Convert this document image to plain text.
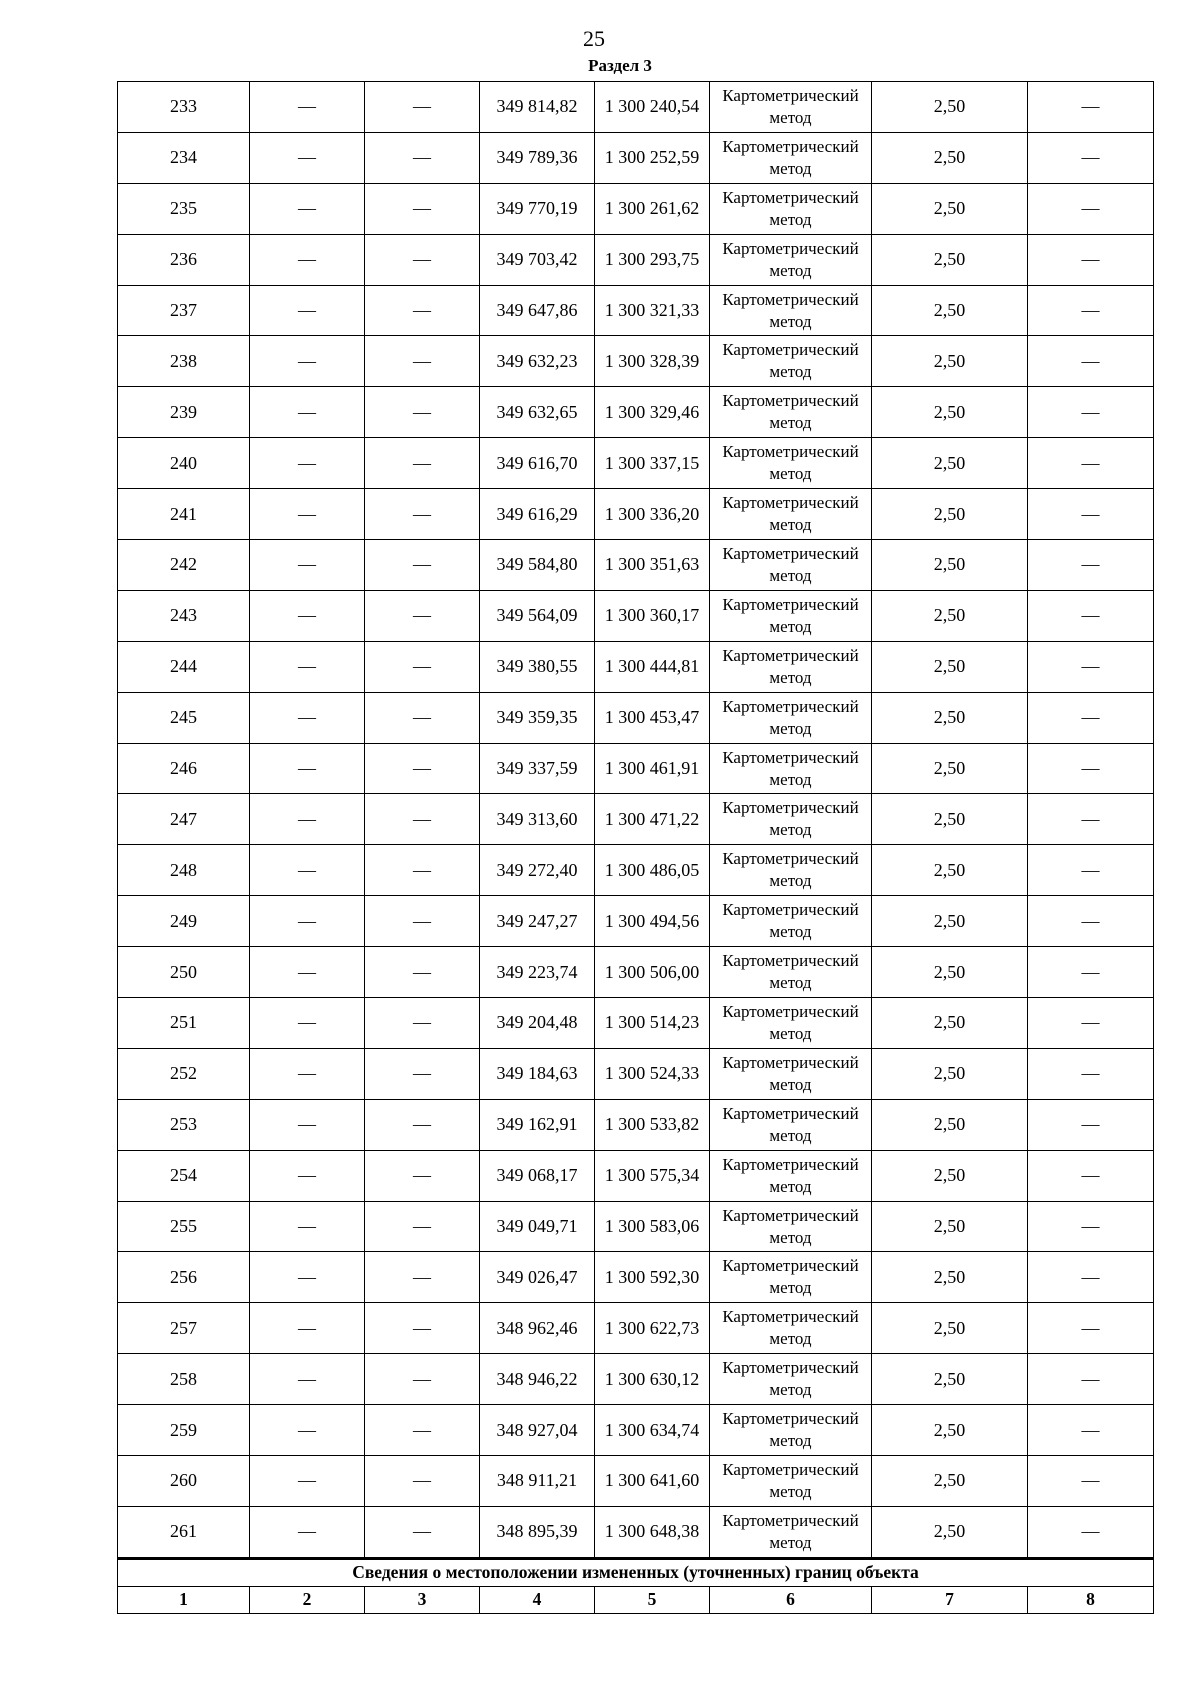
25
Раздел 3
233	—	—	349 814,82	1 300 240,54	Картометрический метод	2,50	—
234	—	—	349 789,36	1 300 252,59	Картометрический метод	2,50	—
235	—	—	349 770,19	1 300 261,62	Картометрический метод	2,50	—
236	—	—	349 703,42	1 300 293,75	Картометрический метод	2,50	—
237	—	—	349 647,86	1 300 321,33	Картометрический метод	2,50	—
238	—	—	349 632,23	1 300 328,39	Картометрический метод	2,50	—
239	—	—	349 632,65	1 300 329,46	Картометрический метод	2,50	—
240	—	—	349 616,70	1 300 337,15	Картометрический метод	2,50	—
241	—	—	349 616,29	1 300 336,20	Картометрический метод	2,50	—
242	—	—	349 584,80	1 300 351,63	Картометрический метод	2,50	—
243	—	—	349 564,09	1 300 360,17	Картометрический метод	2,50	—
244	—	—	349 380,55	1 300 444,81	Картометрический метод	2,50	—
245	—	—	349 359,35	1 300 453,47	Картометрический метод	2,50	—
246	—	—	349 337,59	1 300 461,91	Картометрический метод	2,50	—
247	—	—	349 313,60	1 300 471,22	Картометрический метод	2,50	—
248	—	—	349 272,40	1 300 486,05	Картометрический метод	2,50	—
249	—	—	349 247,27	1 300 494,56	Картометрический метод	2,50	—
250	—	—	349 223,74	1 300 506,00	Картометрический метод	2,50	—
251	—	—	349 204,48	1 300 514,23	Картометрический метод	2,50	—
252	—	—	349 184,63	1 300 524,33	Картометрический метод	2,50	—
253	—	—	349 162,91	1 300 533,82	Картометрический метод	2,50	—
254	—	—	349 068,17	1 300 575,34	Картометрический метод	2,50	—
255	—	—	349 049,71	1 300 583,06	Картометрический метод	2,50	—
256	—	—	349 026,47	1 300 592,30	Картометрический метод	2,50	—
257	—	—	348 962,46	1 300 622,73	Картометрический метод	2,50	—
258	—	—	348 946,22	1 300 630,12	Картометрический метод	2,50	—
259	—	—	348 927,04	1 300 634,74	Картометрический метод	2,50	—
260	—	—	348 911,21	1 300 641,60	Картометрический метод	2,50	—
261	—	—	348 895,39	1 300 648,38	Картометрический метод	2,50	—
Сведения о местоположении измененных (уточненных) границ объекта							
1	2	3	4	5	6	7	8
